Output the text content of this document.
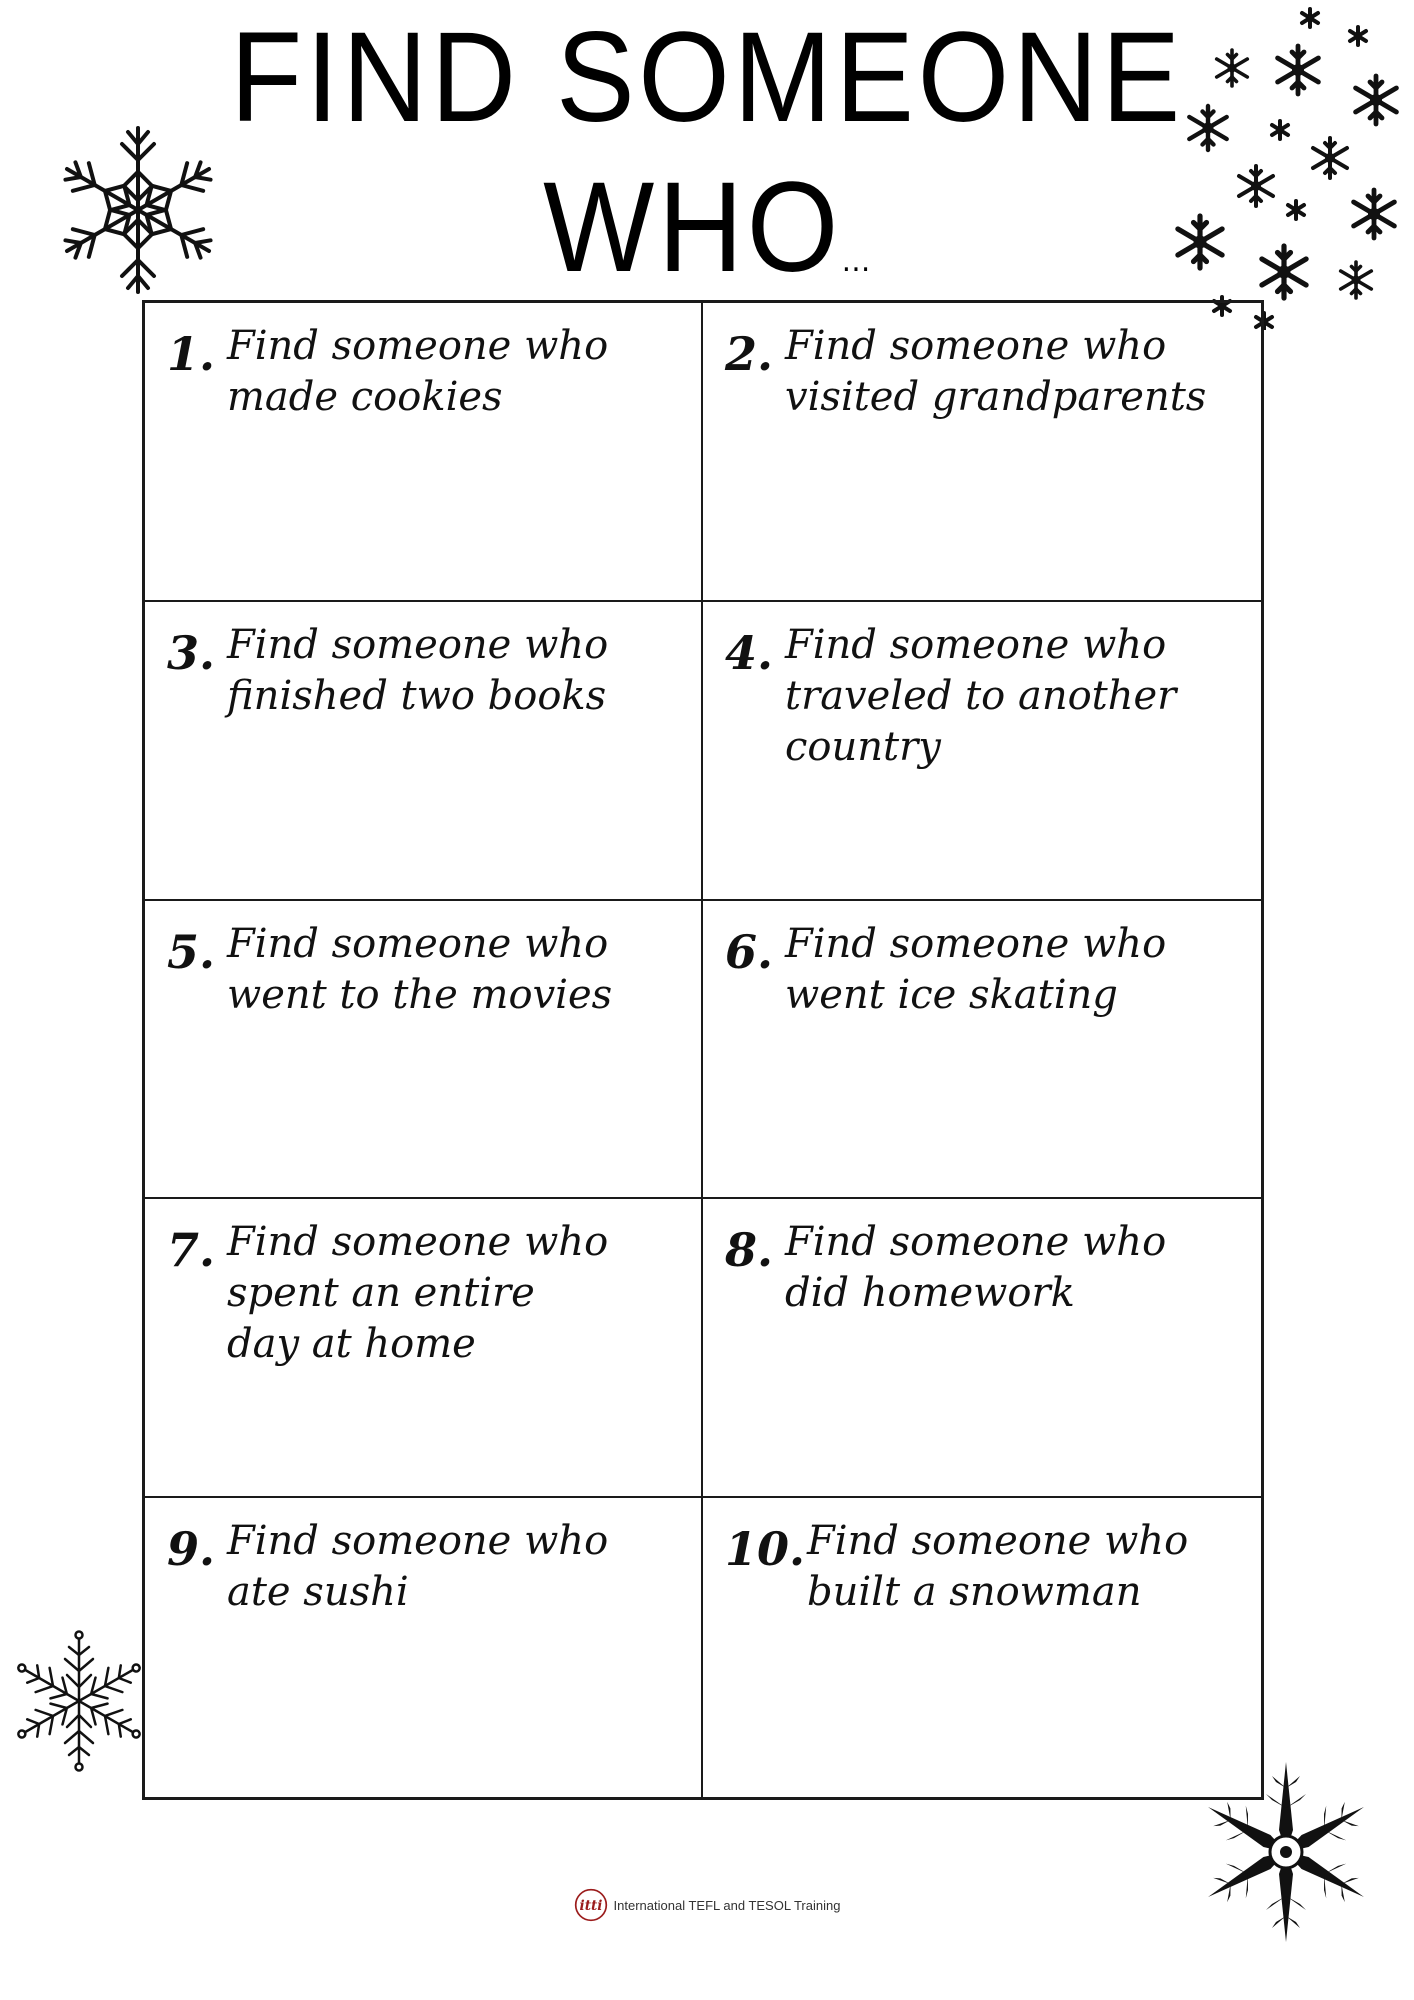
FIND SOMEONE
WHO...
1. Find someone who
made cookies
2. Find someone who
visited grandparents
3. Find someone who
finished two books
4. Find someone who
traveled to another
country
5. Find someone who
went to the movies
6. Find someone who
went ice skating
7. Find someone who
spent an entire
day at home
8. Find someone who
did homework
9. Find someone who
ate sushi
10. Find someone who
built a snowman
itti International TEFL and TESOL Training
